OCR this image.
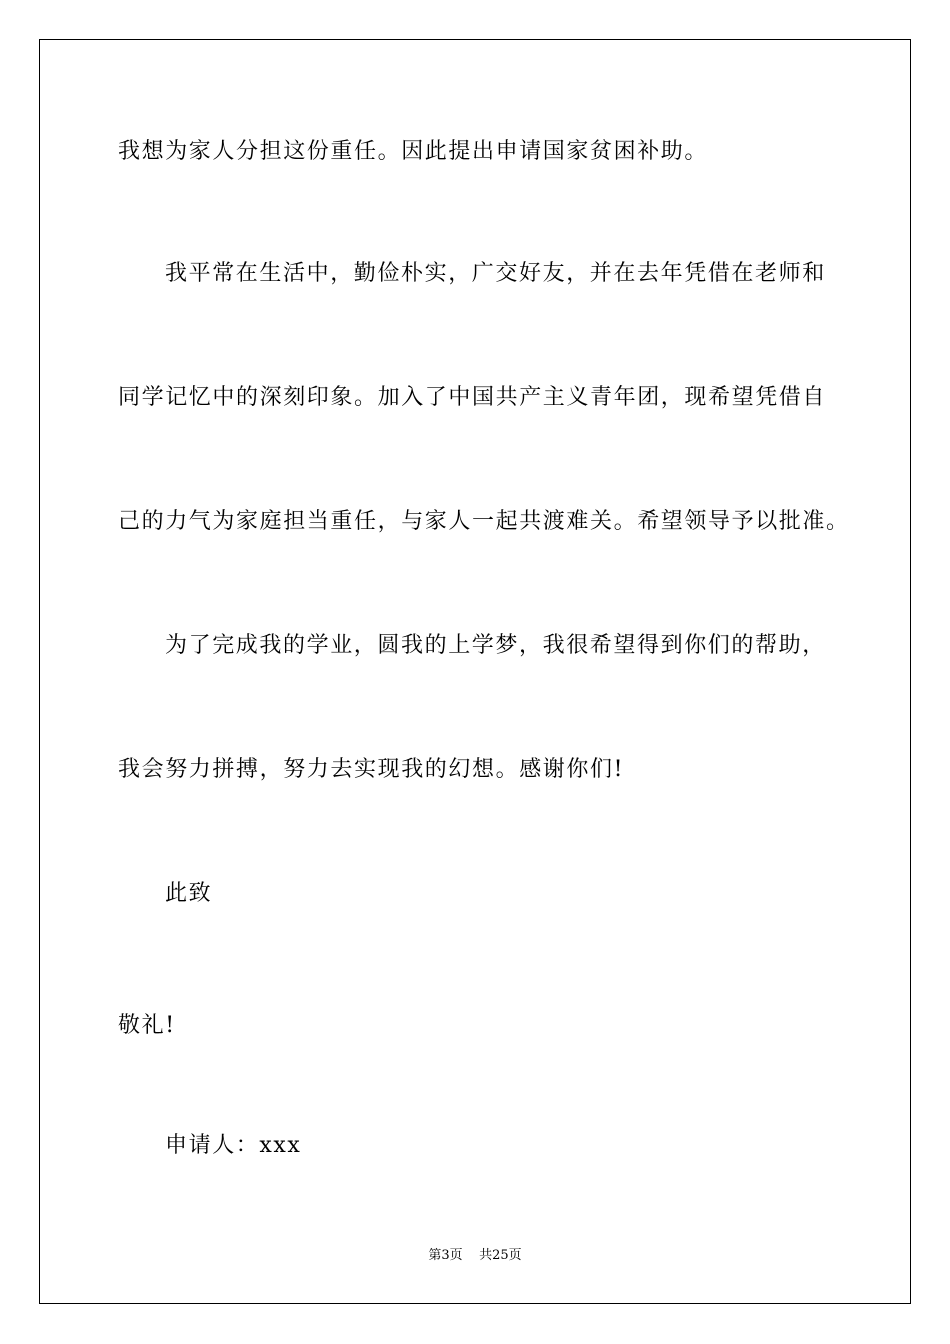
我想为家人分担这份重任。因此提出申请国家贫困补助。
我平常在生活中，勤俭朴实，广交好友，并在去年凭借在老师和
同学记忆中的深刻印象。加入了中国共产主义青年团，现希望凭借自
己的力气为家庭担当重任，与家人一起共渡难关。希望领导予以批准。
为了完成我的学业，圆我的上学梦，我很希望得到你们的帮助，
我会努力拼搏，努力去实现我的幻想。感谢你们!
此致
敬礼!
申请人：xxx
第3页    共25页
